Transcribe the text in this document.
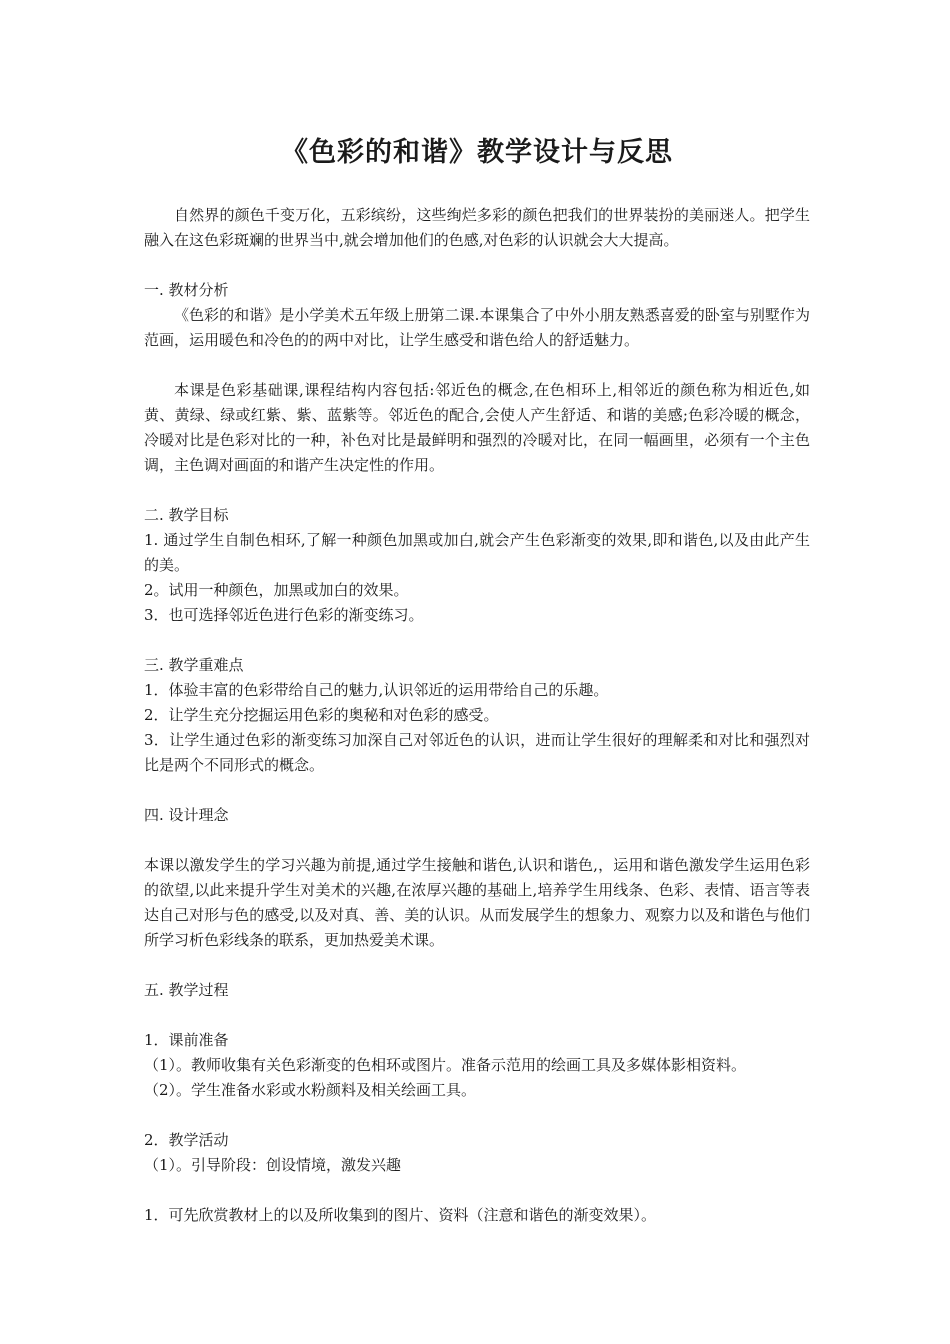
《色彩的和谐》教学设计与反思

自然界的颜色千变万化，五彩缤纷，这些绚烂多彩的颜色把我们的世界装扮的美丽迷人。把学生融入在这色彩斑斓的世界当中,就会增加他们的色感,对色彩的认识就会大大提高。

一. 教材分析

《色彩的和谐》是小学美术五年级上册第二课.本课集合了中外小朋友熟悉喜爱的卧室与别墅作为范画，运用暖色和冷色的的两中对比，让学生感受和谐色给人的舒适魅力。

本课是色彩基础课,课程结构内容包括:邻近色的概念,在色相环上,相邻近的颜色称为相近色,如黄、黄绿、绿或红紫、紫、蓝紫等。邻近色的配合,会使人产生舒适、和谐的美感;色彩冷暖的概念，冷暖对比是色彩对比的一种，补色对比是最鲜明和强烈的冷暖对比，在同一幅画里，必须有一个主色调，主色调对画面的和谐产生决定性的作用。

二. 教学目标

1. 通过学生自制色相环,了解一种颜色加黑或加白,就会产生色彩渐变的效果,即和谐色,以及由此产生的美。

2。试用一种颜色，加黑或加白的效果。

3．也可选择邻近色进行色彩的渐变练习。

三. 教学重难点

1．体验丰富的色彩带给自己的魅力,认识邻近的运用带给自己的乐趣。

2．让学生充分挖掘运用色彩的奥秘和对色彩的感受。

3．让学生通过色彩的渐变练习加深自己对邻近色的认识，进而让学生很好的理解柔和对比和强烈对比是两个不同形式的概念。

四. 设计理念

本课以激发学生的学习兴趣为前提,通过学生接触和谐色,认识和谐色,，运用和谐色激发学生运用色彩的欲望,以此来提升学生对美术的兴趣,在浓厚兴趣的基础上,培养学生用线条、色彩、表情、语言等表达自己对形与色的感受,以及对真、善、美的认识。从而发展学生的想象力、观察力以及和谐色与他们所学习析色彩线条的联系，更加热爱美术课。

五. 教学过程

1．课前准备

（1）。教师收集有关色彩渐变的色相环或图片。准备示范用的绘画工具及多媒体影相资料。

（2）。学生准备水彩或水粉颜料及相关绘画工具。

2．教学活动

（1）。引导阶段：创设情境，激发兴趣

1．可先欣赏教材上的以及所收集到的图片、资料（注意和谐色的渐变效果）。
